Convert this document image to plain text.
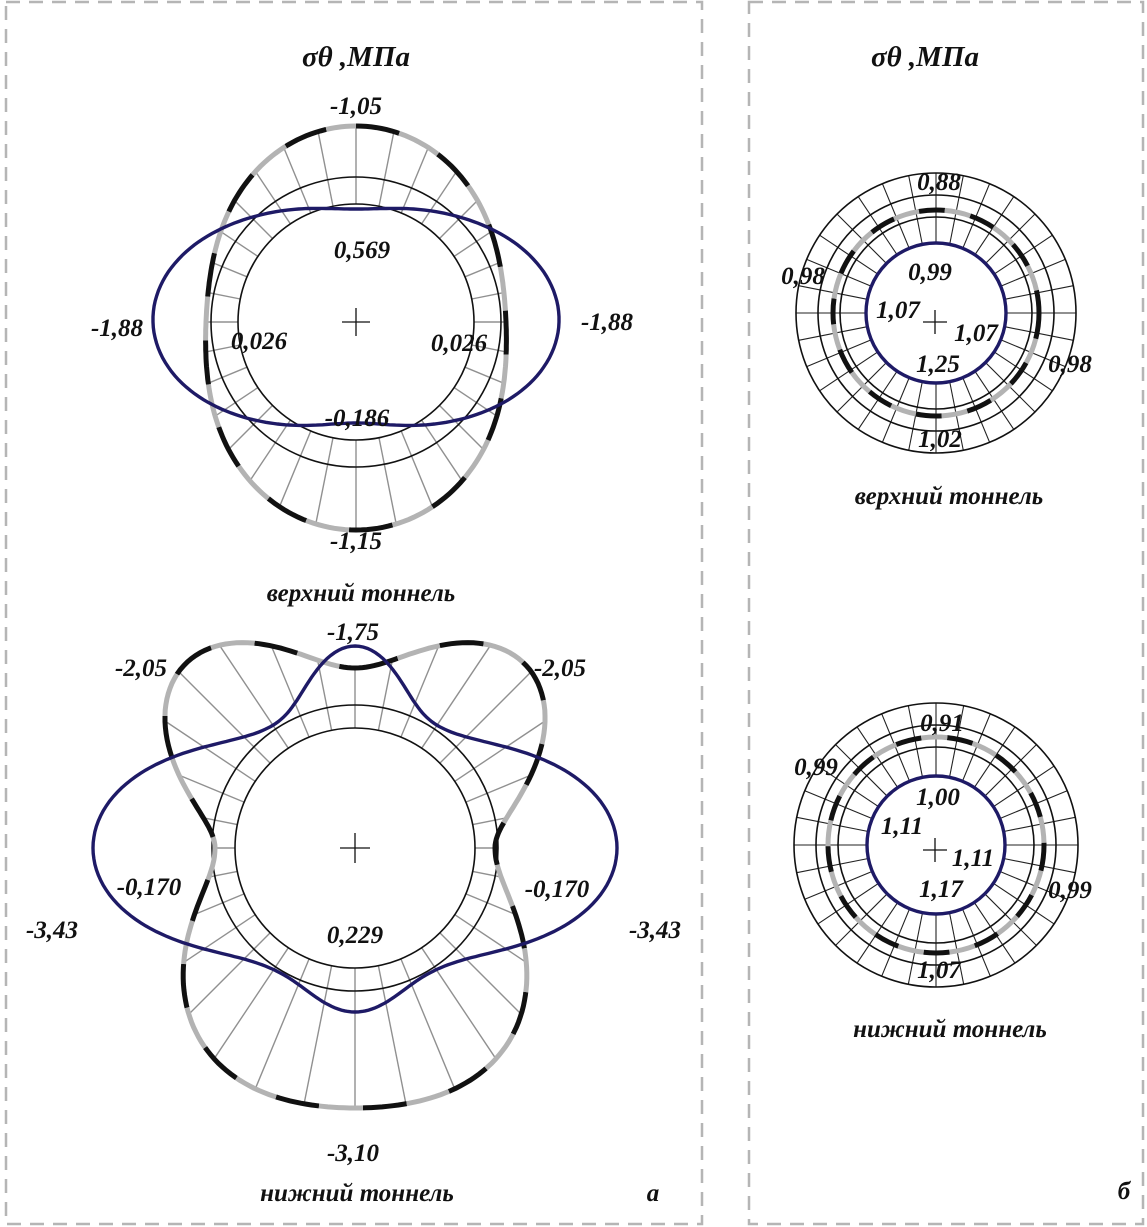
σθ ,МПа	σθ ,МПа
-1,05
-1,15
-1,88	-1,88
0,569
-0,186
0,026	0,026
верхний тоннель
-1,75
-2,05	-2,05
-3,43	-3,43
-0,170	-0,170
0,229
-3,10
нижний тоннель	а
0,88
0,98
0,98
1,02
0,99
1,07
1,07
1,25
верхний тоннель
0,91
0,99
0,99
1,07
1,00
1,11
1,11
1,17
нижний тоннель
б
